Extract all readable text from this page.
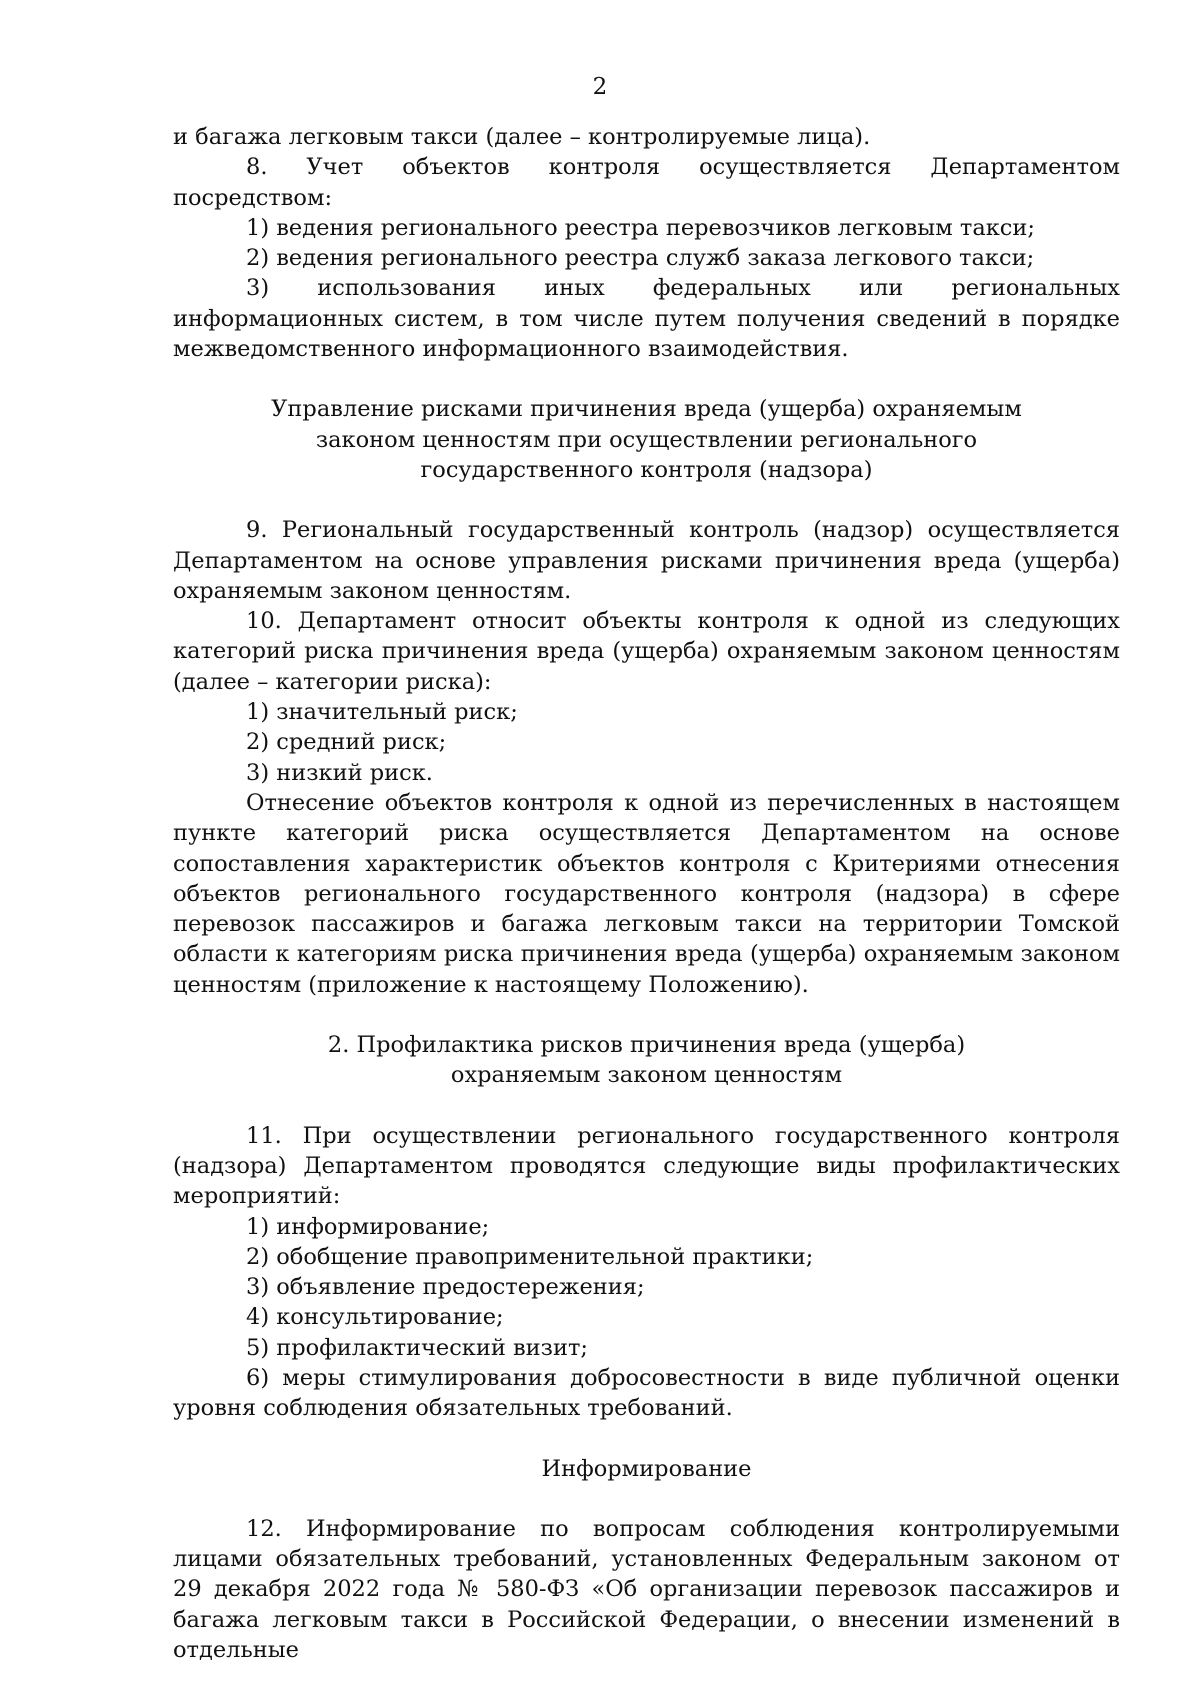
2

и багажа легковым такси (далее – контролируемые лица).

8. Учет объектов контроля осуществляется Департаментом посредством:

1) ведения регионального реестра перевозчиков легковым такси;

2) ведения регионального реестра служб заказа легкового такси;

3) использования иных федеральных или региональных информационных систем, в том числе путем получения сведений в порядке межведомственного информационного взаимодействия.

Управление рисками причинения вреда (ущерба) охраняемым

законом ценностям при осуществлении регионального

государственного контроля (надзора)

9. Региональный государственный контроль (надзор) осуществляется Департаментом на основе управления рисками причинения вреда (ущерба) охраняемым законом ценностям.

10. Департамент относит объекты контроля к одной из следующих категорий риска причинения вреда (ущерба) охраняемым законом ценностям (далее – категории риска):

1) значительный риск;

2) средний риск;

3) низкий риск.

Отнесение объектов контроля к одной из перечисленных в настоящем пункте категорий риска осуществляется Департаментом на основе сопоставления характеристик объектов контроля с Критериями отнесения объектов регионального государственного контроля (надзора) в сфере перевозок пассажиров и багажа легковым такси на территории Томской области к категориям риска причинения вреда (ущерба) охраняемым законом ценностям (приложение к настоящему Положению).

2. Профилактика рисков причинения вреда (ущерба)

охраняемым законом ценностям

11. При осуществлении регионального государственного контроля (надзора) Департаментом проводятся следующие виды профилактических мероприятий:

1) информирование;

2) обобщение правоприменительной практики;

3) объявление предостережения;

4) консультирование;

5) профилактический визит;

6) меры стимулирования добросовестности в виде публичной оценки уровня соблюдения обязательных требований.

Информирование

12. Информирование по вопросам соблюдения контролируемыми лицами обязательных требований, установленных Федеральным законом от 29 декабря 2022 года № 580-ФЗ «Об организации перевозок пассажиров и багажа легковым такси в Российской Федерации, о внесении изменений в отдельные
